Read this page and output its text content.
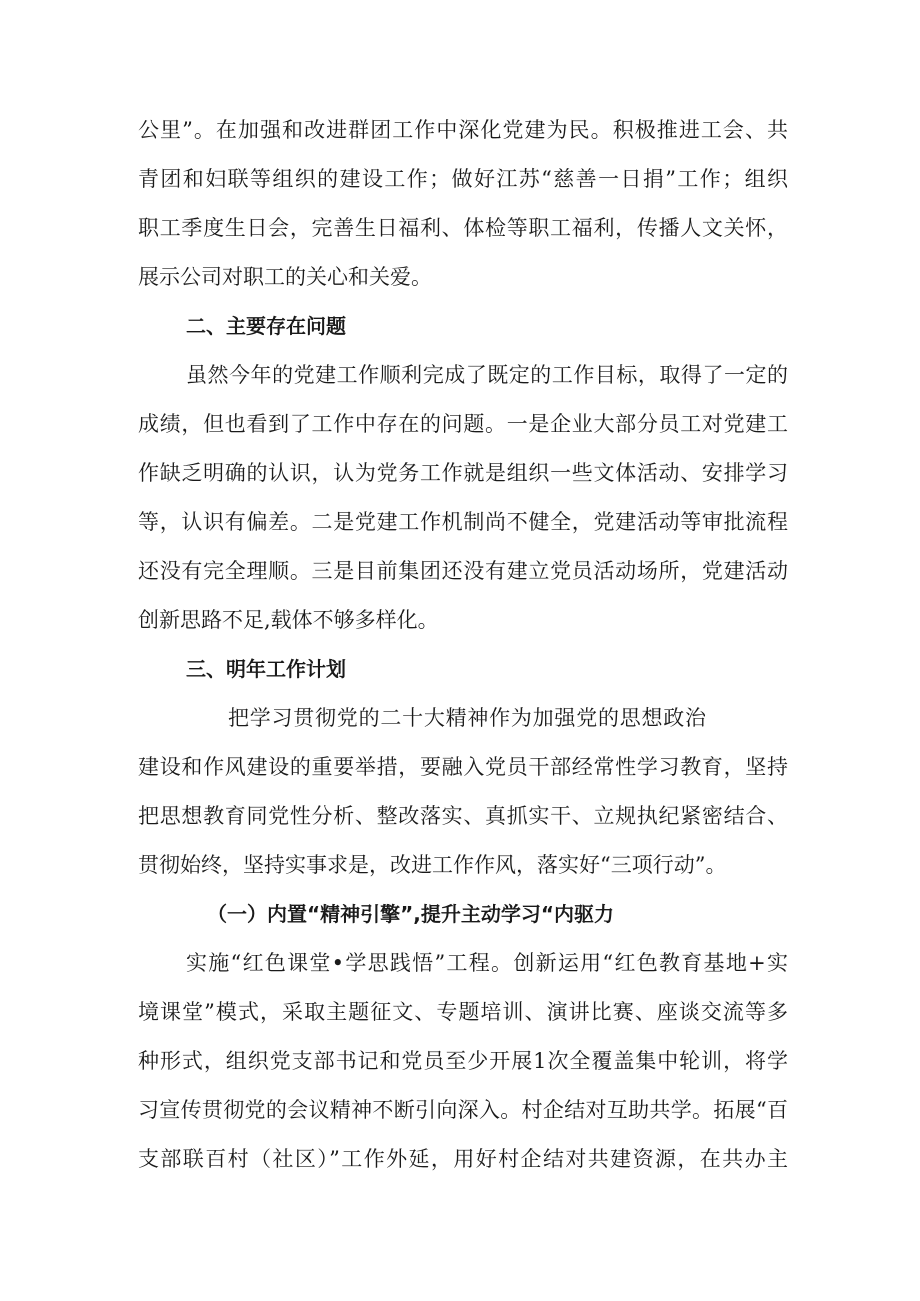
公里”。在加强和改进群团工作中深化党建为民。积极推进工会、共
青团和妇联等组织的建设工作；做好江苏“慈善一日捐”工作；组织
职工季度生日会，完善生日福利、体检等职工福利，传播人文关怀，
展示公司对职工的关心和关爱。
二、主要存在问题
虽然今年的党建工作顺利完成了既定的工作目标，取得了一定的
成绩，但也看到了工作中存在的问题。一是企业大部分员工对党建工
作缺乏明确的认识，认为党务工作就是组织一些文体活动、安排学习
等，认识有偏差。二是党建工作机制尚不健全，党建活动等审批流程
还没有完全理顺。三是目前集团还没有建立党员活动场所，党建活动
创新思路不足,载体不够多样化。
三、明年工作计划
把学习贯彻党的二十大精神作为加强党的思想政治
建设和作风建设的重要举措，要融入党员干部经常性学习教育，坚持
把思想教育同党性分析、整改落实、真抓实干、立规执纪紧密结合、
贯彻始终，坚持实事求是，改进工作作风，落实好“三项行动”。
（一）内置“精神引擎”,提升主动学习“内驱力
实施“红色课堂•学思践悟”工程。创新运用“红色教育基地+实
境课堂”模式，采取主题征文、专题培训、演讲比赛、座谈交流等多
种形式，组织党支部书记和党员至少开展1次全覆盖集中轮训，将学
习宣传贯彻党的会议精神不断引向深入。村企结对互助共学。拓展“百
支部联百村（社区）”工作外延，用好村企结对共建资源，在共办主
